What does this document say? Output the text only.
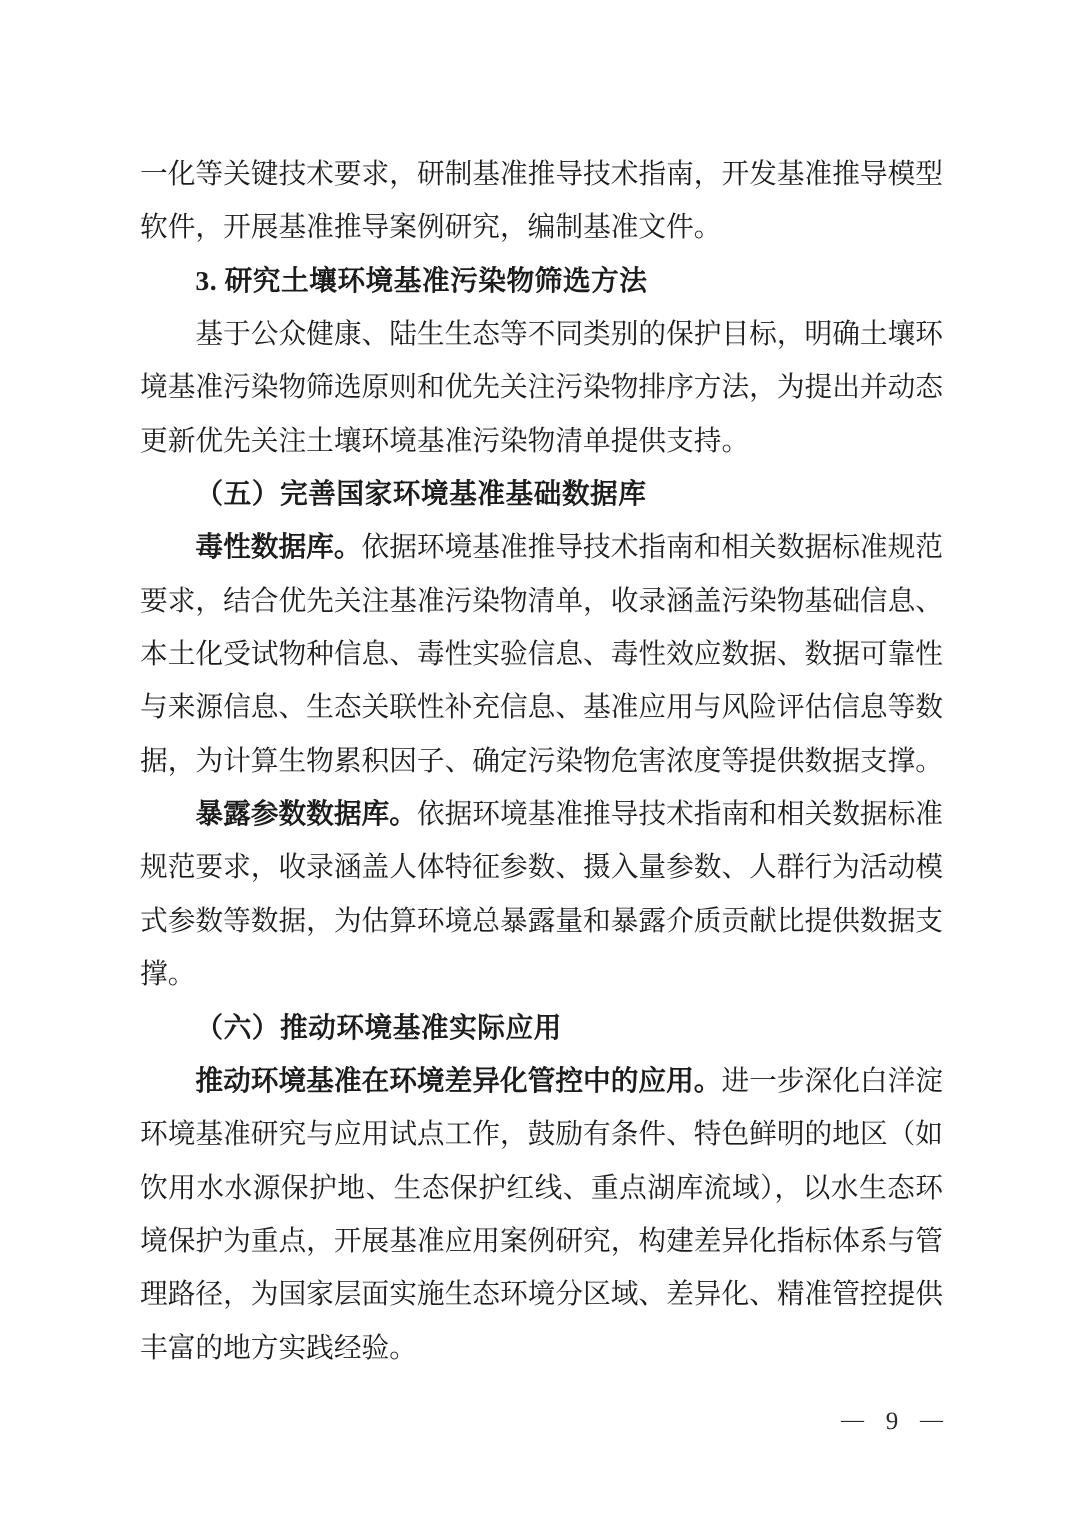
一化等关键技术要求，研制基准推导技术指南，开发基准推导模型
软件，开展基准推导案例研究，编制基准文件。
3. 研究土壤环境基准污染物筛选方法
基于公众健康、陆生生态等不同类别的保护目标，明确土壤环
境基准污染物筛选原则和优先关注污染物排序方法，为提出并动态
更新优先关注土壤环境基准污染物清单提供支持。
（五）完善国家环境基准基础数据库
毒性数据库。依据环境基准推导技术指南和相关数据标准规范
要求，结合优先关注基准污染物清单，收录涵盖污染物基础信息、
本土化受试物种信息、毒性实验信息、毒性效应数据、数据可靠性
与来源信息、生态关联性补充信息、基准应用与风险评估信息等数
据，为计算生物累积因子、确定污染物危害浓度等提供数据支撑。
暴露参数数据库。依据环境基准推导技术指南和相关数据标准
规范要求，收录涵盖人体特征参数、摄入量参数、人群行为活动模
式参数等数据，为估算环境总暴露量和暴露介质贡献比提供数据支
撑。
（六）推动环境基准实际应用
推动环境基准在环境差异化管控中的应用。进一步深化白洋淀
环境基准研究与应用试点工作，鼓励有条件、特色鲜明的地区（如
饮用水水源保护地、生态保护红线、重点湖库流域），以水生态环
境保护为重点，开展基准应用案例研究，构建差异化指标体系与管
理路径，为国家层面实施生态环境分区域、差异化、精准管控提供
丰富的地方实践经验。
— 9 —
